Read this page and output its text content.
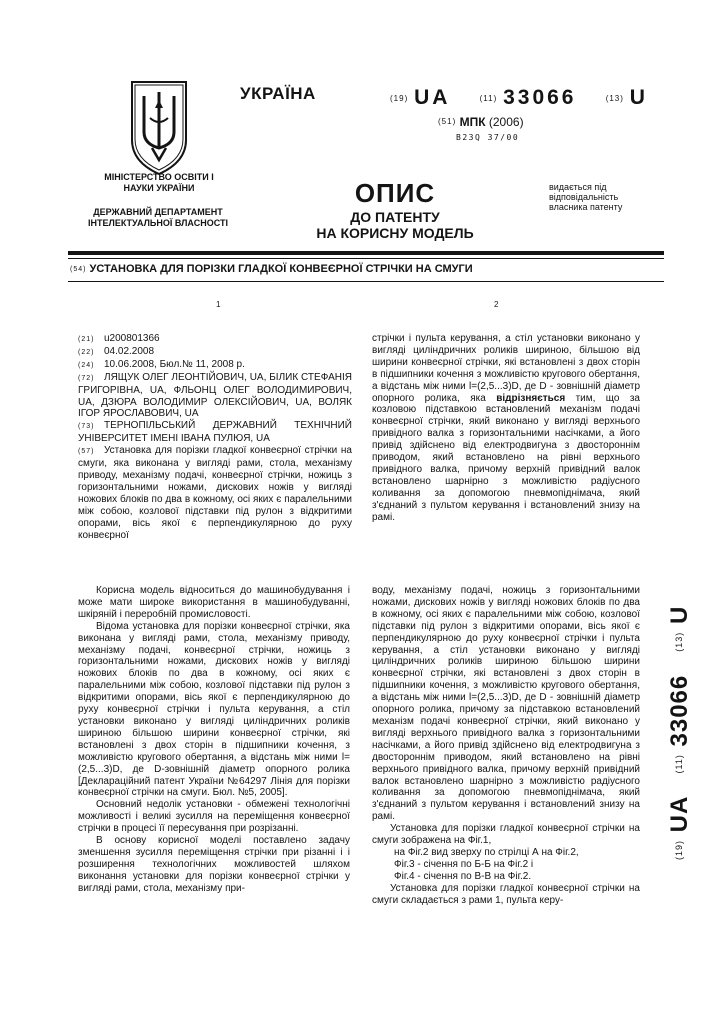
УКРАЇНА	(19) UA	(11) 33066	(13) U
(51) МПК (2006)
B23Q 37/00
МІНІСТЕРСТВО ОСВІТИ І НАУКИ УКРАЇНИ
ДЕРЖАВНИЙ ДЕПАРТАМЕНТ ІНТЕЛЕКТУАЛЬНОЇ ВЛАСНОСТІ
ОПИС
ДО ПАТЕНТУ
НА КОРИСНУ МОДЕЛЬ
видається під відповідальність власника патенту
(54) УСТАНОВКА ДЛЯ ПОРІЗКИ ГЛАДКОЇ КОНВЕЄРНОЇ СТРІЧКИ НА СМУГИ
1	2

(21) u200801366

(22) 04.02.2008

(24) 10.06.2008, Бюл.№ 11, 2008 р.

(72) ЛЯЩУК ОЛЕГ ЛЕОНТІЙОВИЧ, UA, БІЛИК СТЕФАНІЯ ГРИГОРІВНА, UA, ФЛЬОНЦ ОЛЕГ ВОЛОДИМИРОВИЧ, UA, ДЗЮРА ВОЛОДИМИР ОЛЕКСІЙОВИЧ, UA, ВОЛЯК ІГОР ЯРОСЛАВОВИЧ, UA

(73) ТЕРНОПІЛЬСЬКИЙ ДЕРЖАВНИЙ ТЕХНІЧНИЙ УНІВЕРСИТЕТ ІМЕНІ ІВАНА ПУЛЮЯ, UA

(57) Установка для порізки гладкої конвеєрної стрічки на смуги, яка виконана у вигляді рами, стола, механізму приводу, механізму подачі, конвеєрної стрічки, ножиць з горизонтальними ножами, дискових ножів у вигляді ножових блоків по два в кожному, осі яких є паралельними між собою, козлової підставки під рулон з відкритими опорами, вісь якої є перпендикулярною до руху конвеєрної

стрічки і пульта керування, а стіл установки виконано у вигляді циліндричних роликів шириною, більшою від ширини конвеєрної стрічки, які встановлені з двох сторін в підшипники кочення з можливістю кругового обертання, а відстань між ними l=(2,5...3)D, де D - зовнішній діаметр опорного ролика, яка відрізняється тим, що за козловою підставкою встановлений механізм подачі конвеєрної стрічки, який виконано у вигляді верхнього привідного валка з горизонтальними насічками, а його привід здійснено від електродвигуна з двостороннім приводом, який встановлено на рівні верхнього привідного валка, причому верхній привідний валок встановлено шарнірно з можливістю радіусного коливання за допомогою пневмопіднімача, який з'єднаний з пультом керування і встановлений знизу на рамі.

Корисна модель відноситься до машинобудування і може мати широке використання в машинобудуванні, шкіряній і переробній промисловості.

Відома установка для порізки конвеєрної стрічки, яка виконана у вигляді рами, стола, механізму приводу, механізму подачі, конвеєрної стрічки, ножиць з горизонтальними ножами, дискових ножів у вигляді ножових блоків по два в кожному, осі яких є паралельними між собою, козлової підставки під рулон з відкритими опорами, вісь якої є перпендикулярною до руху конвеєрної стрічки і пульта керування, а стіл установки виконано у вигляді циліндричних роликів шириною більшою ширини конвеєрної стрічки, які встановлені з двох сторін в підшипники кочення, з можливістю кругового обертання, а відстань між ними l=(2,5...3)D, де D-зовнішній діаметр опорного ролика [Деклараційний патент України №64297 Лінія для порізки конвеєрної стрічки на смуги. Бюл. №5, 2005].

Основний недолік установки - обмежені технологічні можливості і великі зусилля на переміщення конвеєрної стрічки в процесі її пересування при розрізанні.

В основу корисної моделі поставлено задачу зменшення зусилля переміщення стрічки при різанні і і розширення технологічних можливостей шляхом виконання установки для порізки конвеєрної стрічки у вигляді рами, стола, механізму при-

воду, механізму подачі, ножиць з горизонтальними ножами, дискових ножів у вигляді ножових блоків по два в кожному, осі яких є паралельними між собою, козлової підставки під рулон з відкритими опорами, вісь якої є перпендикулярною до руху конвеєрної стрічки і пульта керування, а стіл установки виконано у вигляді циліндричних роликів шириною більшою ширини конвеєрної стрічки, які встановлені з двох сторін в підшипники кочення, з можливістю кругового обертання, а відстань між ними l=(2,5...3)D, де D - зовнішній діаметр опорного ролика, причому за підставкою встановлений механізм подачі конвеєрної стрічки, який виконано у вигляді верхнього привідного валка з горизонтальними насічками, а його привід здійснено від електродвигуна з двостороннім приводом, який встановлено на рівні верхнього привідного валка, причому верхній привідний валок встановлено шарнірно з можливістю радіусного коливання за допомогою пневмопіднімача, який з'єднаний з пультом керування і встановлений знизу на рамі.

Установка для порізки гладкої конвеєрної стрічки на смуги зображена на Фіг.1,

на Фіг.2 вид зверху по стрілці А на Фіг.2,
Фіг.3 - січення по Б-Б на Фіг.2 і
Фіг.4 - січення по В-В на Фіг.2.

Установка для порізки гладкої конвеєрної стрічки на смуги складається з рами 1, пульта керу-

$^{(19)}$ UA   $^{(11)}$ 33066   $^{(13)}$ U
